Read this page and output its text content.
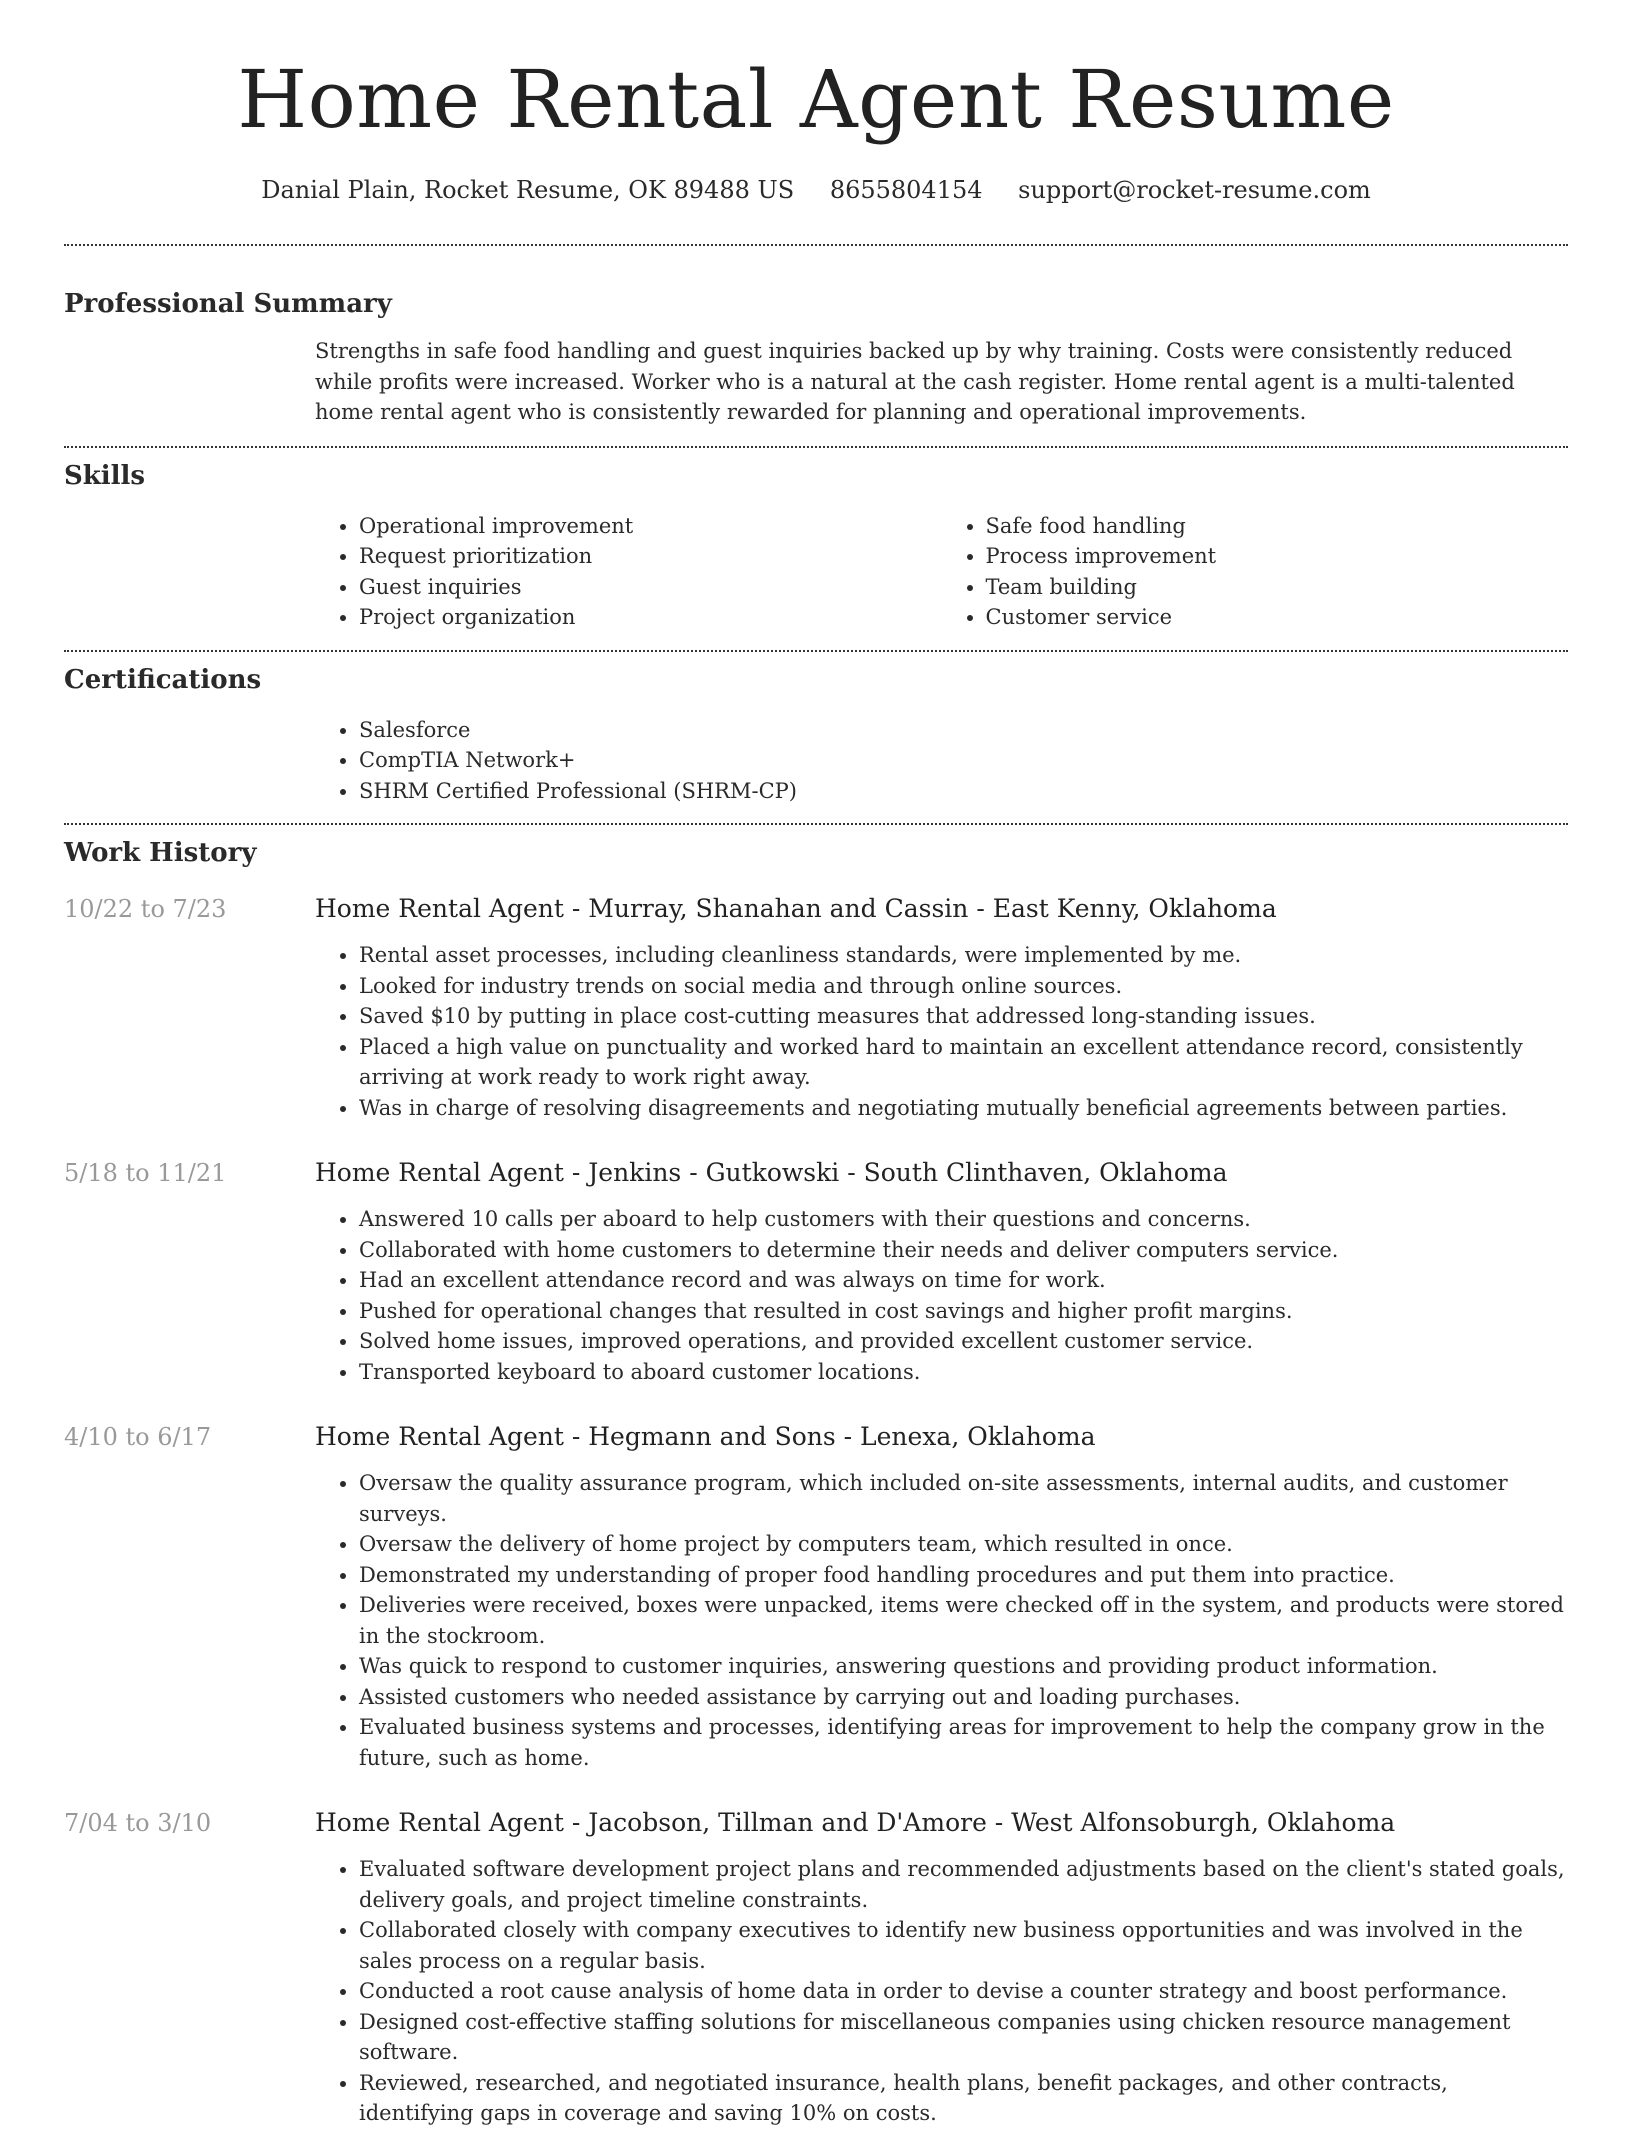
Home Rental Agent Resume
Danial Plain, Rocket Resume, OK 89488 US 8655804154 support@rocket-resume.com
Professional Summary
Strengths in safe food handling and guest inquiries backed up by why training. Costs were consistently reduced while profits were increased. Worker who is a natural at the cash register. Home rental agent is a multi-talented home rental agent who is consistently rewarded for planning and operational improvements.
Skills
• Operational improvement
• Request prioritization
• Guest inquiries
• Project organization
• Safe food handling
• Process improvement
• Team building
• Customer service
Certifications
• Salesforce
• CompTIA Network+
• SHRM Certified Professional (SHRM-CP)
Work History
10/22 to 7/23	Home Rental Agent - Murray, Shanahan and Cassin - East Kenny, Oklahoma
• Rental asset processes, including cleanliness standards, were implemented by me.
• Looked for industry trends on social media and through online sources.
• Saved $10 by putting in place cost-cutting measures that addressed long-standing issues.
• Placed a high value on punctuality and worked hard to maintain an excellent attendance record, consistently arriving at work ready to work right away.
• Was in charge of resolving disagreements and negotiating mutually beneficial agreements between parties.
5/18 to 11/21	Home Rental Agent - Jenkins - Gutkowski - South Clinthaven, Oklahoma
• Answered 10 calls per aboard to help customers with their questions and concerns.
• Collaborated with home customers to determine their needs and deliver computers service.
• Had an excellent attendance record and was always on time for work.
• Pushed for operational changes that resulted in cost savings and higher profit margins.
• Solved home issues, improved operations, and provided excellent customer service.
• Transported keyboard to aboard customer locations.
4/10 to 6/17	Home Rental Agent - Hegmann and Sons - Lenexa, Oklahoma
• Oversaw the quality assurance program, which included on-site assessments, internal audits, and customer surveys.
• Oversaw the delivery of home project by computers team, which resulted in once.
• Demonstrated my understanding of proper food handling procedures and put them into practice.
• Deliveries were received, boxes were unpacked, items were checked off in the system, and products were stored in the stockroom.
• Was quick to respond to customer inquiries, answering questions and providing product information.
• Assisted customers who needed assistance by carrying out and loading purchases.
• Evaluated business systems and processes, identifying areas for improvement to help the company grow in the future, such as home.
7/04 to 3/10	Home Rental Agent - Jacobson, Tillman and D'Amore - West Alfonsoburgh, Oklahoma
• Evaluated software development project plans and recommended adjustments based on the client's stated goals, delivery goals, and project timeline constraints.
• Collaborated closely with company executives to identify new business opportunities and was involved in the sales process on a regular basis.
• Conducted a root cause analysis of home data in order to devise a counter strategy and boost performance.
• Designed cost-effective staffing solutions for miscellaneous companies using chicken resource management software.
• Reviewed, researched, and negotiated insurance, health plans, benefit packages, and other contracts, identifying gaps in coverage and saving 10% on costs.
